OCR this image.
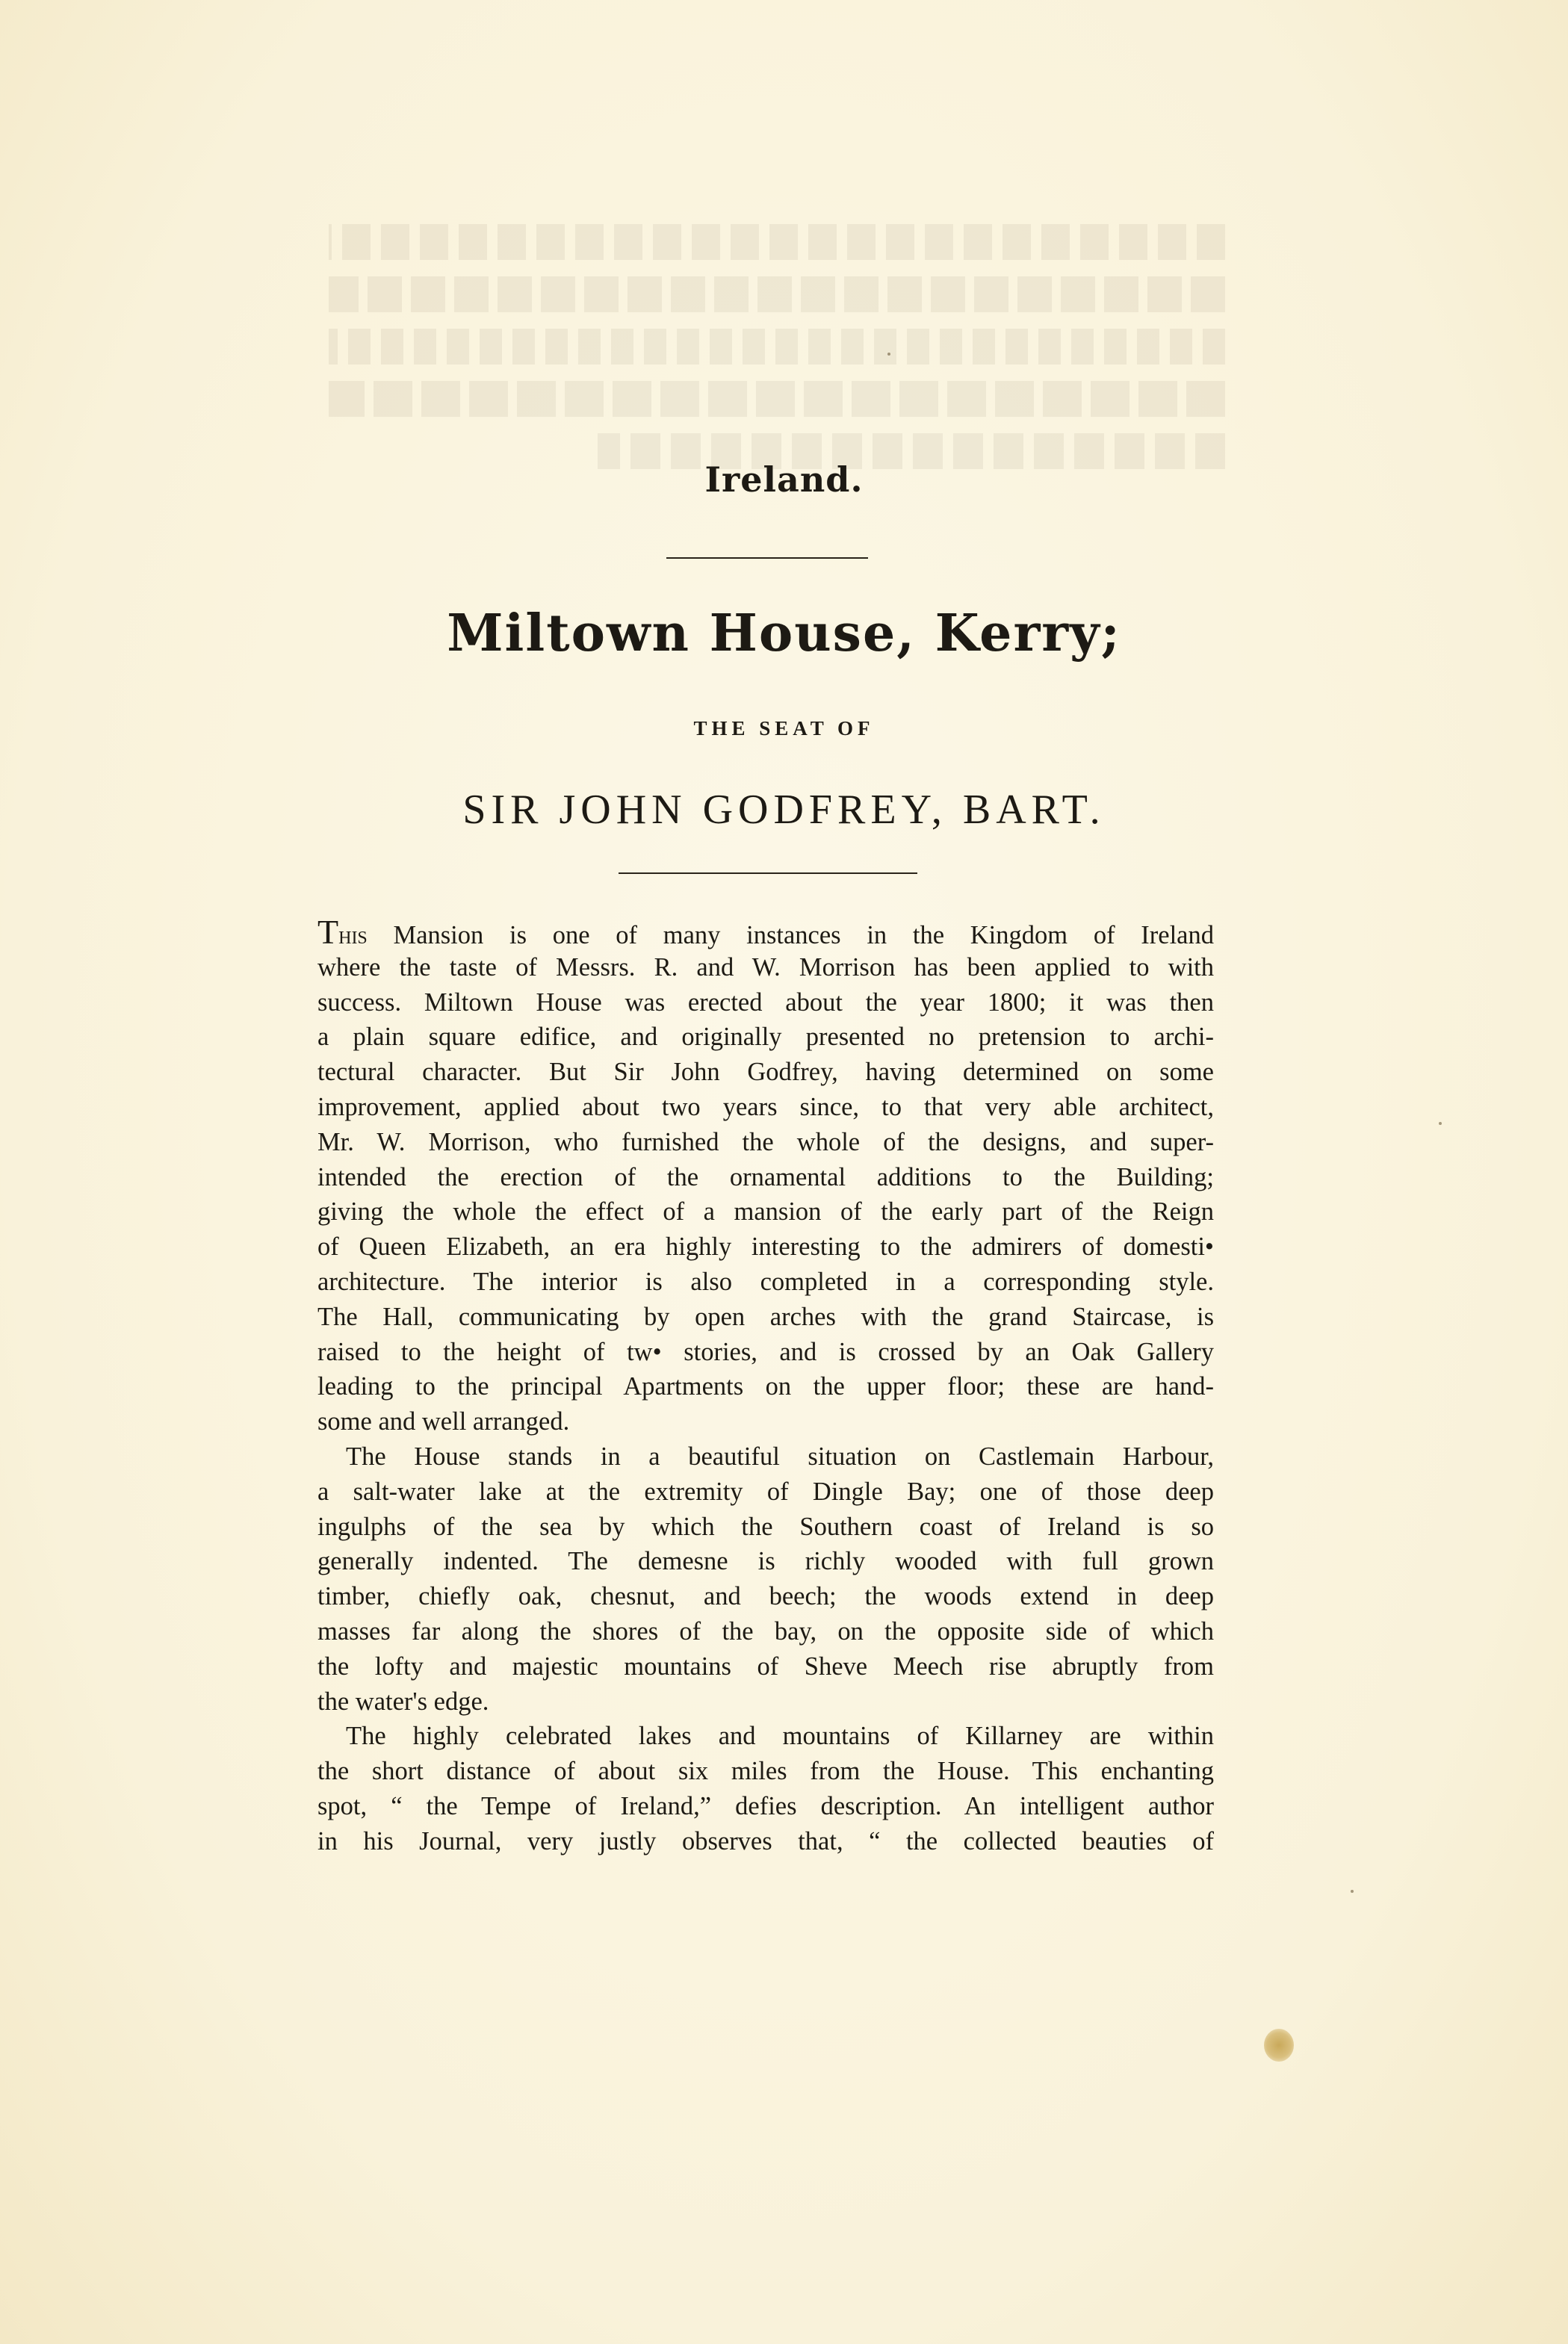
Ireland.
Miltown House, Kerry;
THE SEAT OF
SIR JOHN GODFREY, BART.
This Mansion is one of many instances in the Kingdom of Ireland
where the taste of Messrs. R. and W. Morrison has been applied to with
success. Miltown House was erected about the year 1800; it was then
a plain square edifice, and originally presented no pretension to archi-
tectural character. But Sir John Godfrey, having determined on some
improvement, applied about two years since, to that very able architect,
Mr. W. Morrison, who furnished the whole of the designs, and super-
intended the erection of the ornamental additions to the Building;
giving the whole the effect of a mansion of the early part of the Reign
of Queen Elizabeth, an era highly interesting to the admirers of domesti•
architecture. The interior is also completed in a corresponding style.
The Hall, communicating by open arches with the grand Staircase, is
raised to the height of tw• stories, and is crossed by an Oak Gallery
leading to the principal Apartments on the upper floor; these are hand-
some and well arranged.
The House stands in a beautiful situation on Castlemain Harbour,
a salt-water lake at the extremity of Dingle Bay; one of those deep
ingulphs of the sea by which the Southern coast of Ireland is so
generally indented. The demesne is richly wooded with full grown
timber, chiefly oak, chesnut, and beech; the woods extend in deep
masses far along the shores of the bay, on the opposite side of which
the lofty and majestic mountains of Sheve Meech rise abruptly from
the water's edge.
The highly celebrated lakes and mountains of Killarney are within
the short distance of about six miles from the House. This enchanting
spot, “ the Tempe of Ireland,” defies description. An intelligent author
in his Journal, very justly observes that, “ the collected beauties of
